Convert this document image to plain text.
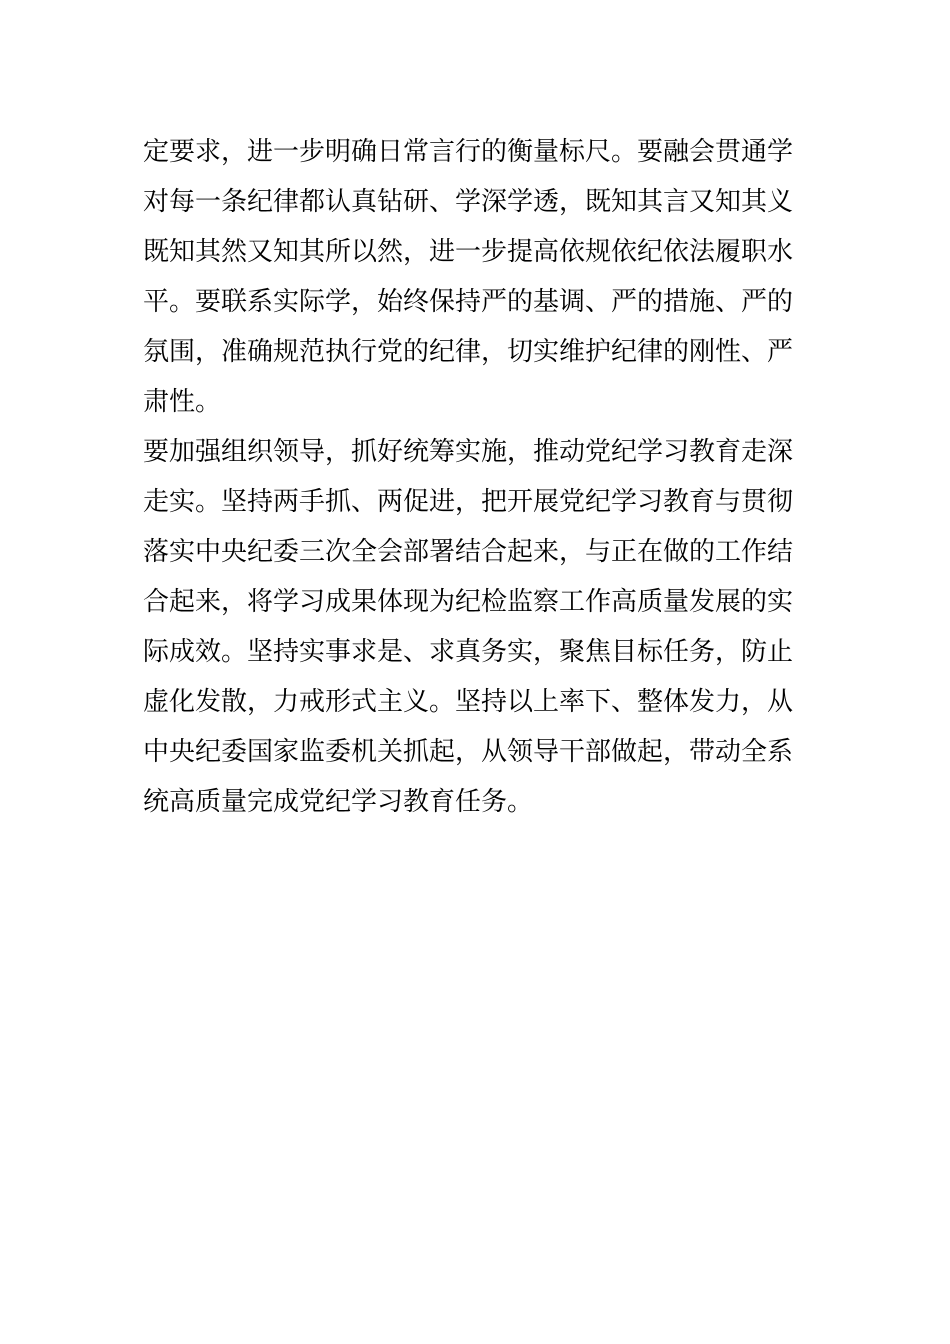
定要求，进一步明确日常言行的衡量标尺。要融会贯通学
对每一条纪律都认真钻研、学深学透，既知其言又知其义
既知其然又知其所以然，进一步提高依规依纪依法履职水
平。要联系实际学，始终保持严的基调、严的措施、严的
氛围，准确规范执行党的纪律，切实维护纪律的刚性、严
肃性。
要加强组织领导，抓好统筹实施，推动党纪学习教育走深
走实。坚持两手抓、两促进，把开展党纪学习教育与贯彻
落实中央纪委三次全会部署结合起来，与正在做的工作结
合起来，将学习成果体现为纪检监察工作高质量发展的实
际成效。坚持实事求是、求真务实，聚焦目标任务，防止
虚化发散，力戒形式主义。坚持以上率下、整体发力，从
中央纪委国家监委机关抓起，从领导干部做起，带动全系
统高质量完成党纪学习教育任务。
